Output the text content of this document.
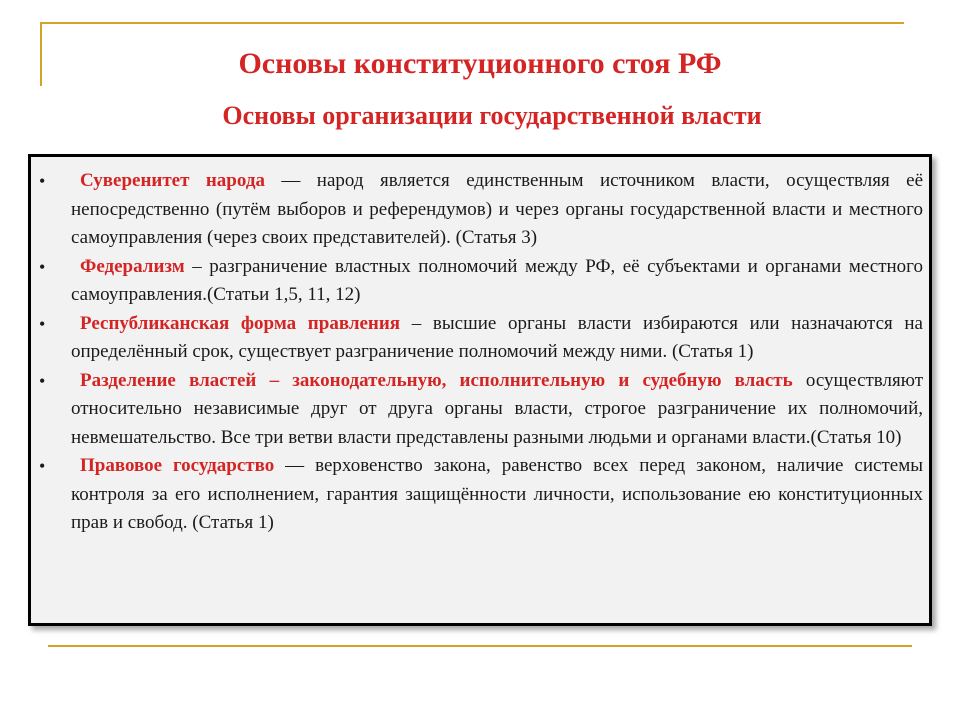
Основы конституционного стоя РФ
Основы организации государственной власти
• Суверенитет народа — народ является единственным источником власти, осуществляя её непосредственно (путём выборов и референдумов) и через органы государственной власти и местного самоуправления (через своих представителей). (Статья 3)
• Федерализм – разграничение властных полномочий между РФ, её субъектами и органами местного самоуправления.(Статьи 1,5, 11, 12)
• Республиканская форма правления – высшие органы власти избираются или назначаются на определённый срок, существует разграничение полномочий между ними. (Статья 1)
• Разделение властей – законодательную, исполнительную и судебную власть осуществляют относительно независимые друг от друга органы власти, строгое разграничение их полномочий, невмешательство. Все три ветви власти представлены разными людьми и органами власти.(Статья 10)
• Правовое государство — верховенство закона, равенство всех перед законом, наличие системы контроля за его исполнением, гарантия защищённости личности, использование ею конституционных прав и свобод. (Статья 1)
